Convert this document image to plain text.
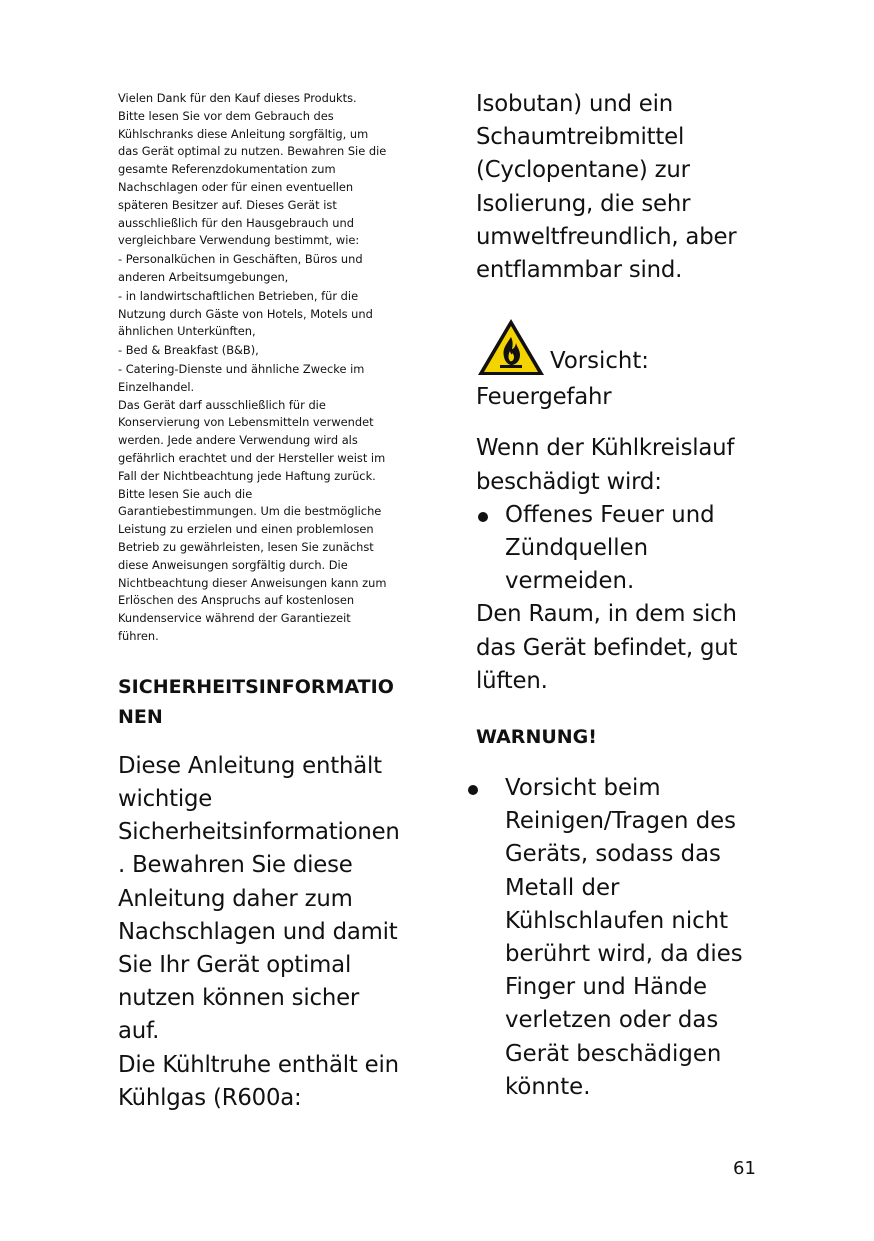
Vielen Dank für den Kauf dieses Produkts.

Bitte lesen Sie vor dem Gebrauch des

Kühlschranks diese Anleitung sorgfältig, um

das Gerät optimal zu nutzen. Bewahren Sie die

gesamte Referenzdokumentation zum

Nachschlagen oder für einen eventuellen

späteren Besitzer auf. Dieses Gerät ist

ausschließlich für den Hausgebrauch und

vergleichbare Verwendung bestimmt, wie:

- Personalküchen in Geschäften, Büros und

anderen Arbeitsumgebungen,

- in landwirtschaftlichen Betrieben, für die

Nutzung durch Gäste von Hotels, Motels und

ähnlichen Unterkünften,

- Bed & Breakfast (B&B),

- Catering-Dienste und ähnliche Zwecke im

Einzelhandel.

Das Gerät darf ausschließlich für die

Konservierung von Lebensmitteln verwendet

werden. Jede andere Verwendung wird als

gefährlich erachtet und der Hersteller weist im

Fall der Nichtbeachtung jede Haftung zurück.

Bitte lesen Sie auch die

Garantiebestimmungen. Um die bestmögliche

Leistung zu erzielen und einen problemlosen

Betrieb zu gewährleisten, lesen Sie zunächst

diese Anweisungen sorgfältig durch. Die

Nichtbeachtung dieser Anweisungen kann zum

Erlöschen des Anspruchs auf kostenlosen

Kundenservice während der Garantiezeit

führen.

SICHERHEITSINFORMATIO
NEN

Diese Anleitung enthält

wichtige

Sicherheitsinformationen

. Bewahren Sie diese

Anleitung daher zum

Nachschlagen und damit

Sie Ihr Gerät optimal

nutzen können sicher

auf.

Die Kühltruhe enthält ein

Kühlgas (R600a:

Isobutan) und ein

Schaumtreibmittel

(Cyclopentane) zur

Isolierung, die sehr

umweltfreundlich, aber

entflammbar sind.

Vorsicht:

Feuergefahr

Wenn der Kühlkreislauf

beschädigt wird:

Offenes Feuer und
Zündquellen
vermeiden.

Den Raum, in dem sich

das Gerät befindet, gut

lüften.

WARNUNG!

Vorsicht beim
Reinigen/Tragen des
Geräts, sodass das
Metall der
Kühlschlaufen nicht
berührt wird, da dies
Finger und Hände
verletzen oder das
Gerät beschädigen
könnte.
61
